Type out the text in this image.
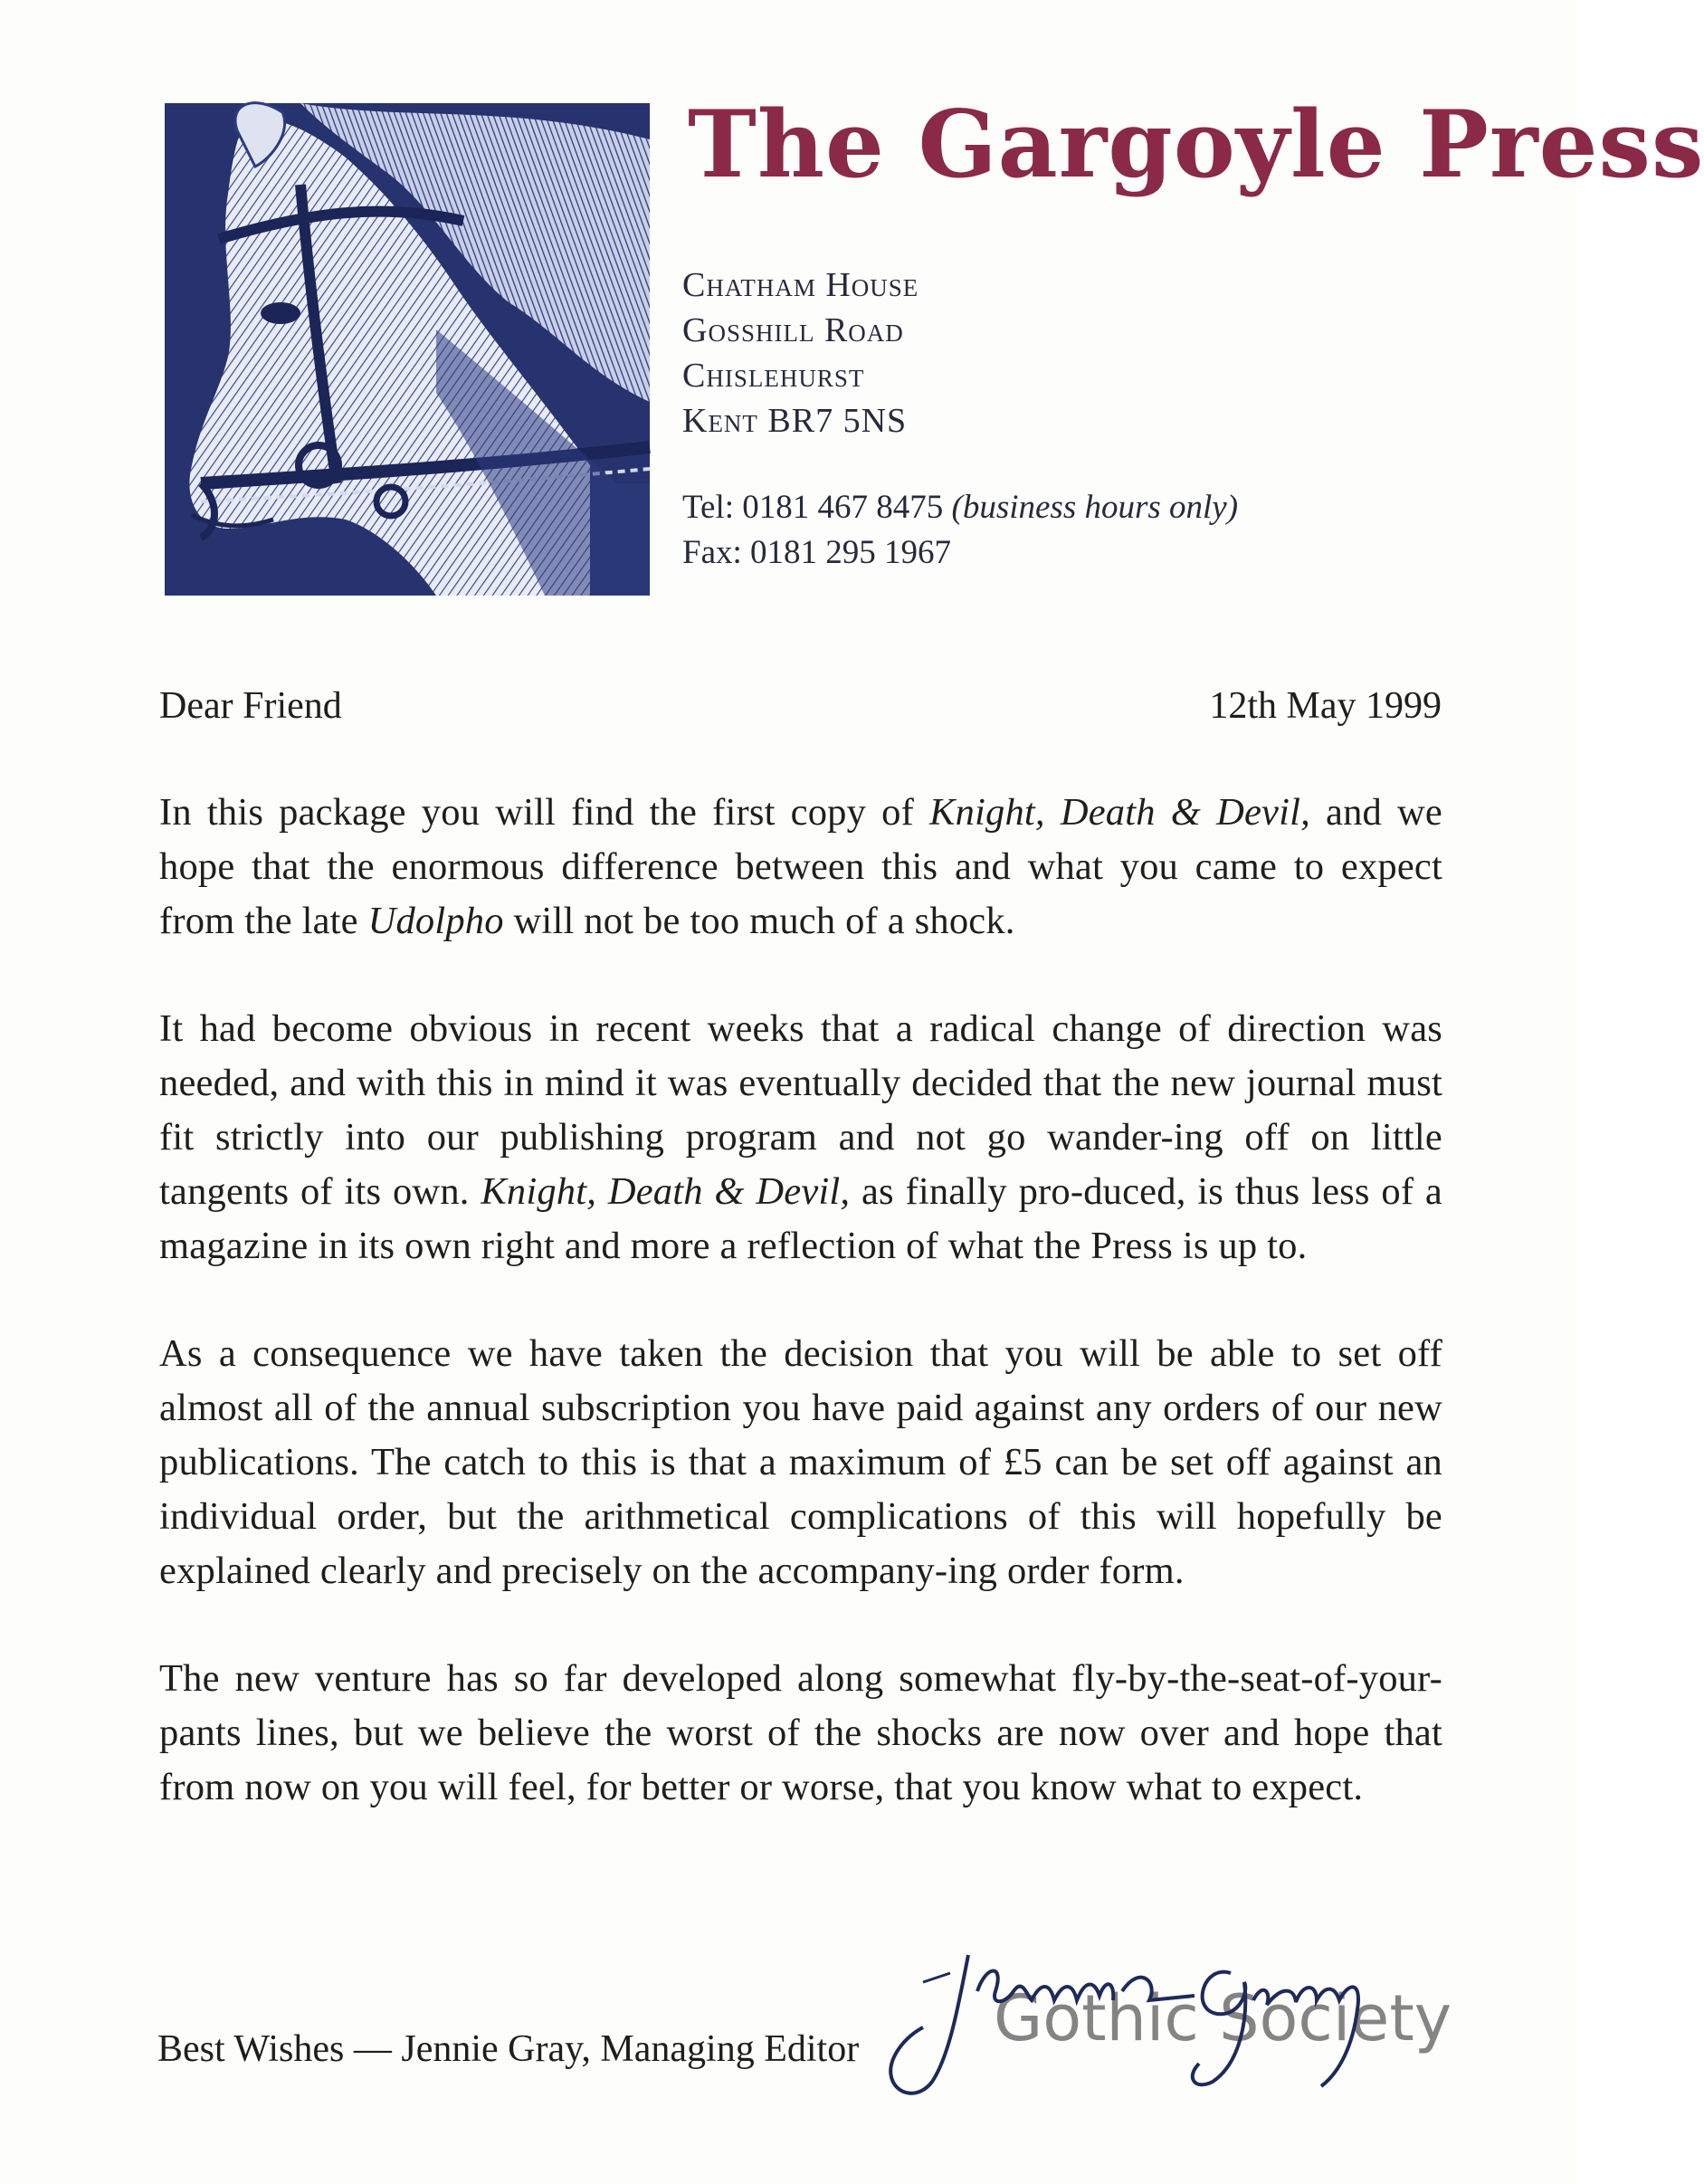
The Gargoyle Press
Chatham House
Gosshill Road
Chislehurst
Kent BR7 5NS
Tel: 0181 467 8475 (business hours only)
Fax: 0181 295 1967
Dear Friend	12th May 1999

In this package you will find the first copy of Knight, Death & Devil, and we hope that the enormous difference between this and what you came to expect from the late Udolpho will not be too much of a shock.

It had become obvious in recent weeks that a radical change of direction was needed, and with this in mind it was eventually decided that the new journal must fit strictly into our publishing program and not go wander-ing off on little tangents of its own. Knight, Death & Devil, as finally pro-duced, is thus less of a magazine in its own right and more a reflection of what the Press is up to.

As a consequence we have taken the decision that you will be able to set off almost all of the annual subscription you have paid against any orders of our new publications. The catch to this is that a maximum of £5 can be set off against an individual order, but the arithmetical complications of this will hopefully be explained clearly and precisely on the accompany-ing order form.

The new venture has so far developed along somewhat fly-by-the-seat-of-your-pants lines, but we believe the worst of the shocks are now over and hope that from now on you will feel, for better or worse, that you know what to expect.

Best Wishes — Jennie Gray, Managing Editor Gothic Society
